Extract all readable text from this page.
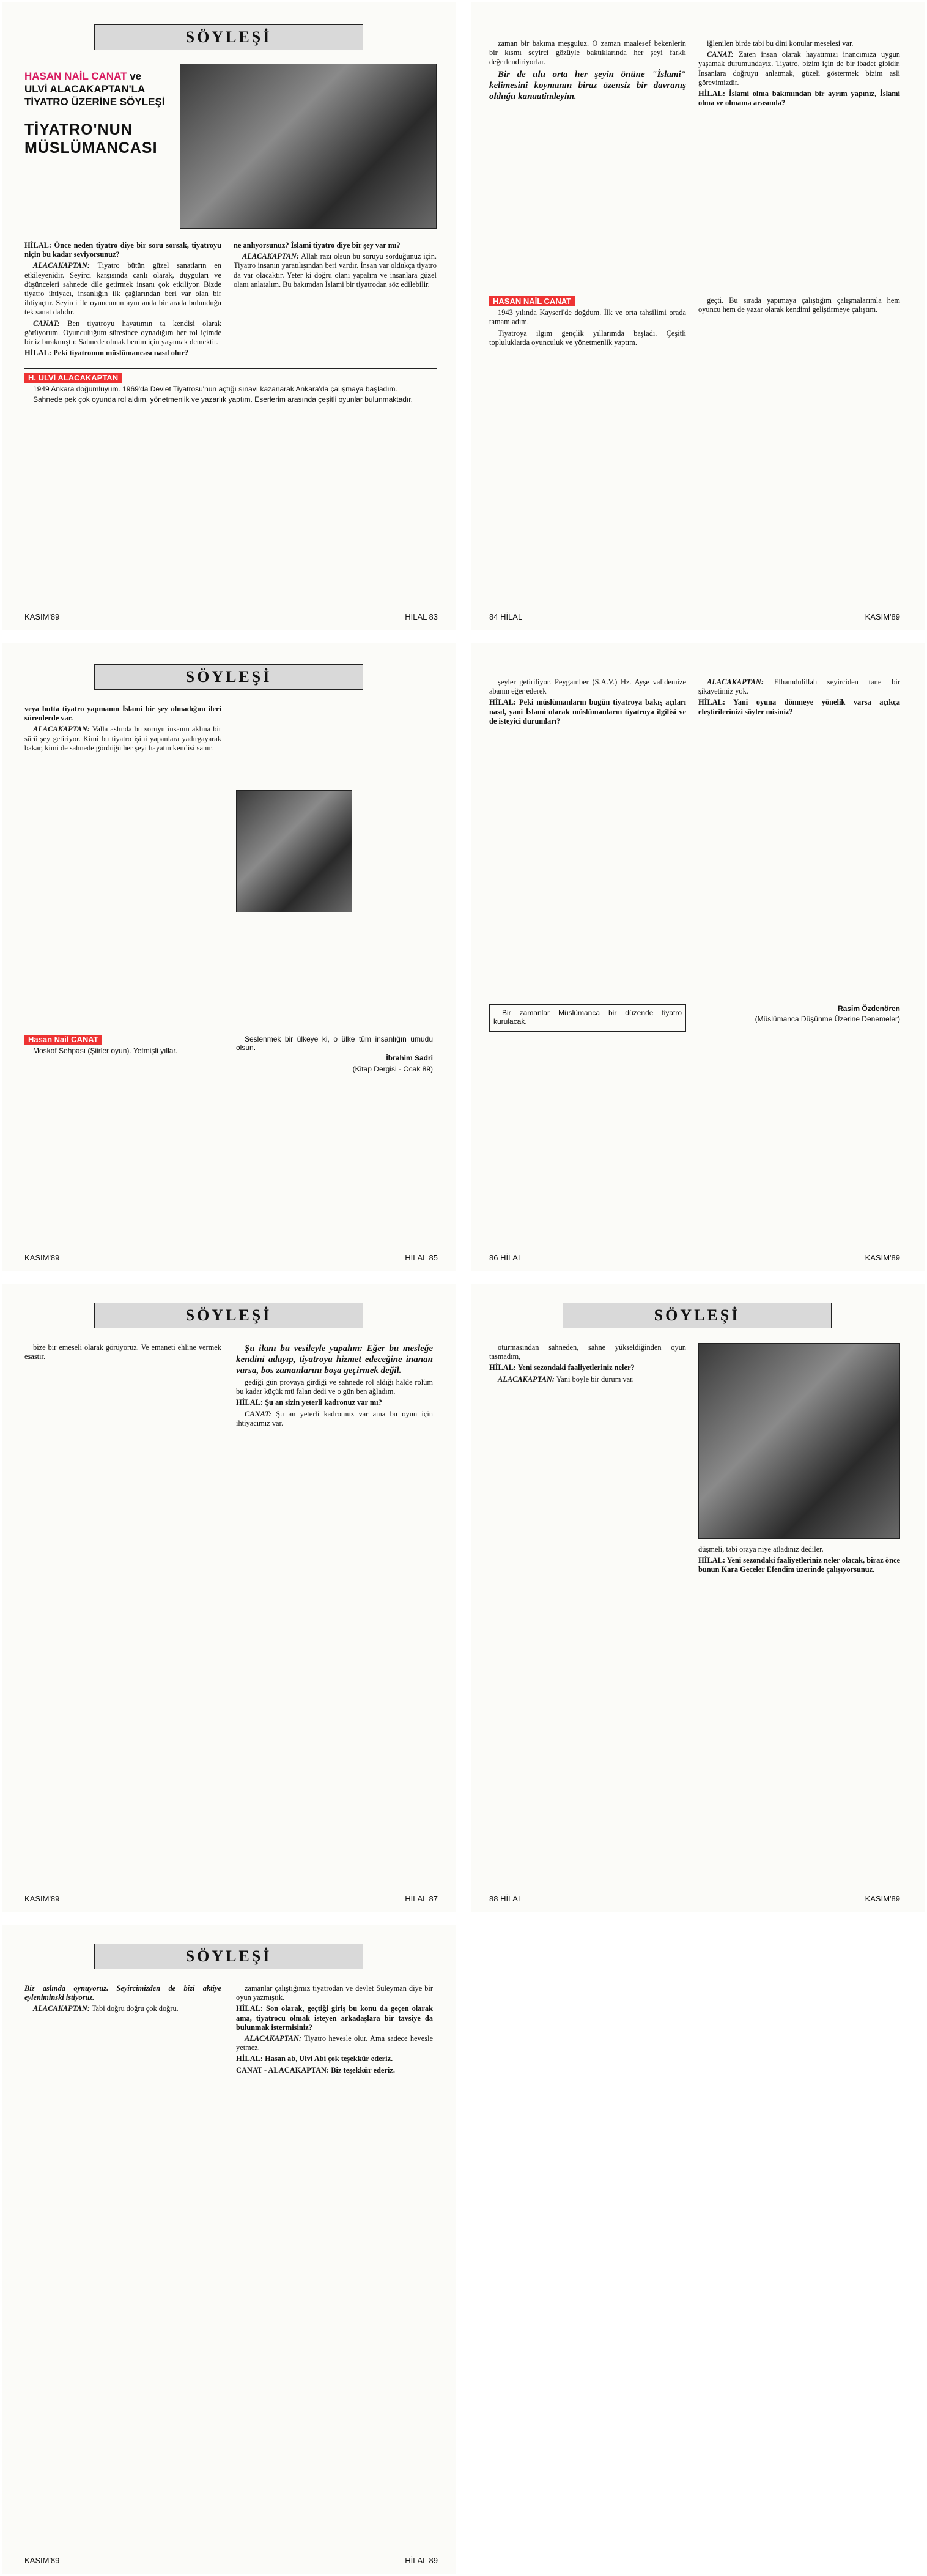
SÖYLEŞİ
HASAN NAİL CANAT ve ULVİ ALACAKAPTAN'LA TİYATRO ÜZERİNE SÖYLEŞİ
TİYATRO'NUN MÜSLÜMANCASI

HİLAL: Önce neden tiyatro diye bir soru sorsak, tiyatroyu niçin bu kadar seviyorsunuz?

ALACAKAPTAN: Tiyatro bütün güzel sanatların en etkileyenidir. Seyirci karşısında canlı olarak, duyguları ve düşünceleri sahnede dile getirmek insanı çok etkiliyor. Bizde tiyatro ihtiyacı, insanlığın ilk çağlarından beri var olan bir ihtiyaçtır. Seyirci ile oyuncunun aynı anda bir arada bulunduğu tek sanat dalıdır.

CANAT: Ben tiyatroyu hayatımın ta kendisi olarak görüyorum. Oyunculuğum süresince oynadığım her rol içimde bir iz bırakmıştır. Sahnede olmak benim için yaşamak demektir.

HİLAL: Peki tiyatronun müslümancası nasıl olur?

ne anlıyorsunuz? İslami tiyatro diye bir şey var mı?

ALACAKAPTAN: Allah razı olsun bu soruyu sorduğunuz için. Tiyatro insanın yaratılışından beri vardır. İnsan var oldukça tiyatro da var olacaktır. Yeter ki doğru olanı yapalım ve insanlara güzel olanı anlatalım. Bu bakımdan İslami bir tiyatrodan söz edilebilir.

H. ULVİ ALACAKAPTAN

1949 Ankara doğumluyum. 1969'da Devlet Tiyatrosu'nun açtığı sınavı kazanarak Ankara'da çalışmaya başladım.

Sahnede pek çok oyunda rol aldım, yönetmenlik ve yazarlık yaptım. Eserlerim arasında çeşitli oyunlar bulunmaktadır.

KASIM'89	HİLAL 83

zaman bir bakıma meşguluz. O zaman maalesef bekenlerin bir kısmı seyirci gözüyle baktıklarında her şeyi farklı değerlendiriyorlar.

Bir de ulu orta her şeyin önüne "İslami" kelimesini koymanın biraz özensiz bir davranış olduğu kanaatindeyim.

iğlenilen birde tabi bu dini konular meselesi var.

CANAT: Zaten insan olarak hayatımızı inancımıza uygun yaşamak durumundayız. Tiyatro, bizim için de bir ibadet gibidir. İnsanlara doğruyu anlatmak, güzeli göstermek bizim asli görevimizdir.

HİLAL: İslami olma bakımından bir ayrım yapınız, İslami olma ve olmama arasında?

HASAN NAİL CANAT

1943 yılında Kayseri'de doğdum. İlk ve orta tahsilimi orada tamamladım.

Tiyatroya ilgim gençlik yıllarımda başladı. Çeşitli topluluklarda oyunculuk ve yönetmenlik yaptım.

geçti. Bu sırada yapımaya çalıştığım çalışmalarımla hem oyuncu hem de yazar olarak kendimi geliştirmeye çalıştım.

84 HİLAL	KASIM'89
SÖYLEŞİ

veya hutta tiyatro yapmanın İslami bir şey olmadığını ileri sürenlerde var.

ALACAKAPTAN: Valla aslında bu soruyu insanın aklına bir sürü şey getiriyor. Kimi bu tiyatro işini yapanlara yadırgayarak bakar, kimi de sahnede gördüğü her şeyi hayatın kendisi sanır.

Hasan Nail CANAT

Moskof Sehpası (Şiirler oyun). Yetmişli yıllar.

Seslenmek bir ülkeye ki, o ülke tüm insanlığın umudu olsun.

İbrahim Sadri

(Kitap Dergisi - Ocak 89)

KASIM'89	HİLAL 85

şeyler getiriliyor. Peygamber (S.A.V.) Hz. Ayşe validemize abanın eğer ederek

HİLAL: Peki müslümanların bugün tiyatroya bakış açıları nasıl, yani İslami olarak müslümanların tiyatroya ilgilisi ve de isteyici durumları?

ALACAKAPTAN: Elhamdulillah seyirciden tane bir şikayetimiz yok.

HİLAL: Yani oyuna dönmeye yönelik varsa açıkça eleştirilerinizi söyler misiniz?

Bir zamanlar Müslümanca bir düzende tiyatro kurulacak.

Rasim Özdenören

(Müslümanca Düşünme Üzerine Denemeler)

86 HİLAL	KASIM'89
SÖYLEŞİ

bize bir emeseli olarak görüyoruz. Ve emaneti ehline vermek esastır.

Şu ilanı bu vesileyle yapalım: Eğer bu mesleğe kendini adayıp, tiyatroya hizmet edeceğine inanan varsa, bos zamanlarını boşa geçirmek değil.

gediği gün provaya girdiği ve sahnede rol aldığı halde rolüm bu kadar küçük mü falan dedi ve o gün ben ağladım.

HİLAL: Şu an sizin yeterli kadronuz var mı?

CANAT: Şu an yeterli kadromuz var ama bu oyun için ihtiyacımız var.

KASIM'89	HİLAL 87
SÖYLEŞİ

oturmasından sahneden, sahne yükseldiğinden oyun tasmadım,

HİLAL: Yeni sezondaki faaliyetleriniz neler?

ALACAKAPTAN: Yani böyle bir durum var.

düşmeli, tabi oraya niye atladınız dediler.

HİLAL: Yeni sezondaki faaliyetleriniz neler olacak, biraz önce bunun Kara Geceler Efendim üzerinde çalışıyorsunuz.

88 HİLAL	KASIM'89
SÖYLEŞİ

Biz aslında oynuyoruz. Seyircimizden de bizi aktiye eyleniminski istiyoruz.

ALACAKAPTAN: Tabi doğru doğru çok doğru.

zamanlar çalıştığımız tiyatrodan ve devlet Süleyman diye bir oyun yazmıştık.

HİLAL: Son olarak, geçtiği giriş bu konu da geçen olarak ama, tiyatrocu olmak isteyen arkadaşlara bir tavsiye da bulunmak istermisiniz?

ALACAKAPTAN: Tiyatro hevesle olur. Ama sadece hevesle yetmez.

HİLAL: Hasan ab, Ulvi Abi çok teşekkür ederiz.

CANAT - ALACAKAPTAN: Biz teşekkür ederiz.

KASIM'89	HİLAL 89
